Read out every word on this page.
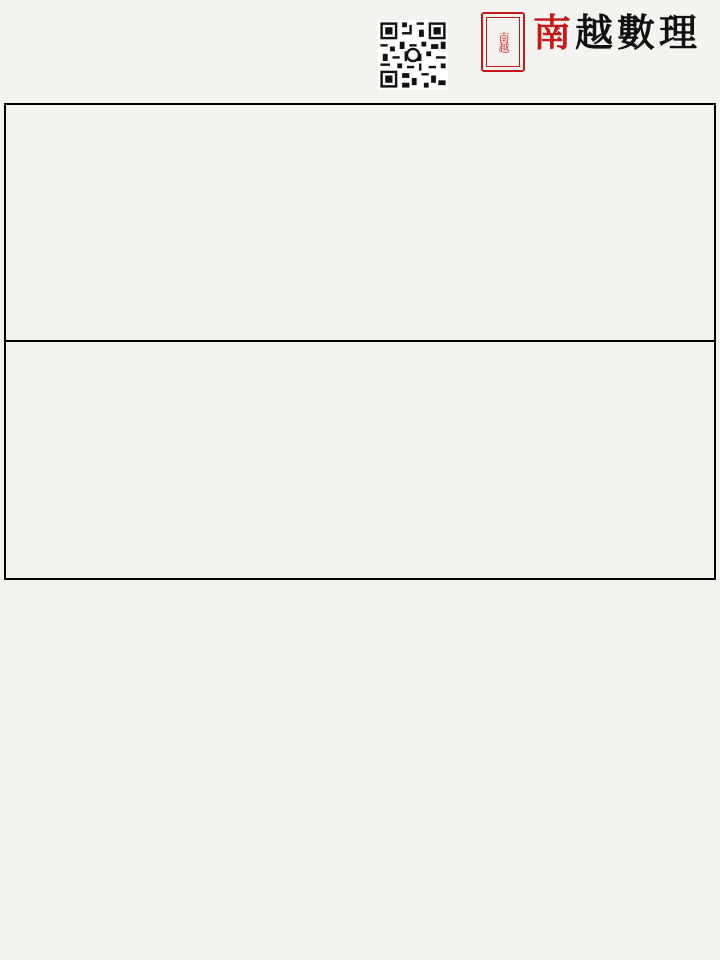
南越 南越數理
